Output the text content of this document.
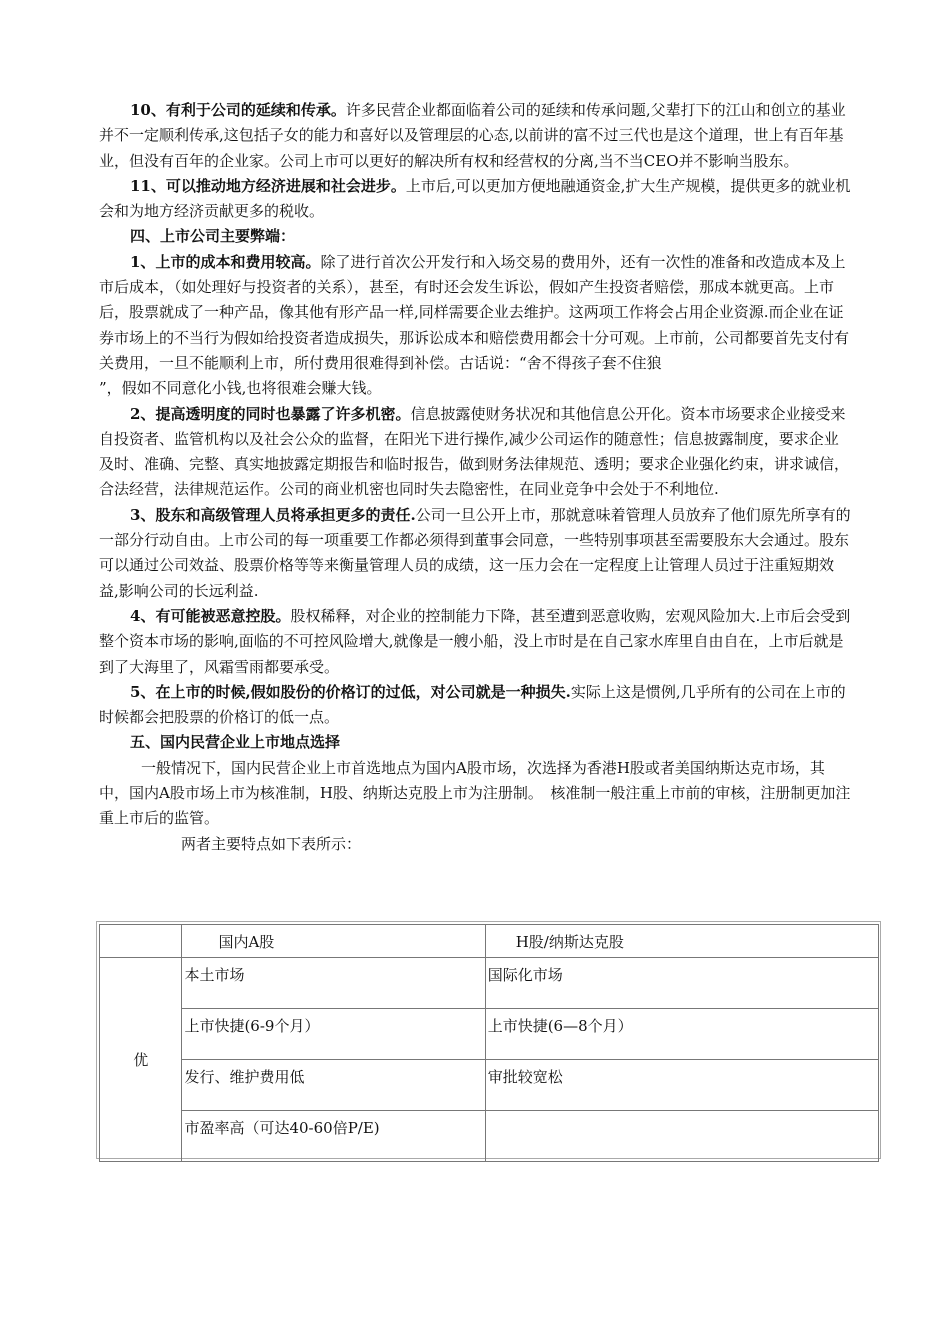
10、有利于公司的延续和传承。许多民营企业都面临着公司的延续和传承问题,父辈打下的江山和创立的基业并不一定顺利传承,这包括子女的能力和喜好以及管理层的心态,以前讲的富不过三代也是这个道理，世上有百年基业，但没有百年的企业家。公司上市可以更好的解决所有权和经营权的分离,当不当CEO并不影响当股东。

11、可以推动地方经济进展和社会进步。上市后,可以更加方便地融通资金,扩大生产规模，提供更多的就业机会和为地方经济贡献更多的税收。

四、上市公司主要弊端：

1、上市的成本和费用较高。除了进行首次公开发行和入场交易的费用外，还有一次性的准备和改造成本及上市后成本，（如处理好与投资者的关系），甚至，有时还会发生诉讼，假如产生投资者赔偿，那成本就更高。上市后，股票就成了一种产品，像其他有形产品一样,同样需要企业去维护。这两项工作将会占用企业资源.而企业在证券市场上的不当行为假如给投资者造成损失，那诉讼成本和赔偿费用都会十分可观。上市前，公司都要首先支付有关费用，一旦不能顺利上市，所付费用很难得到补偿。古话说：“舍不得孩子套不住狼

”，假如不同意化小钱,也将很难会赚大钱。

2、提高透明度的同时也暴露了许多机密。信息披露使财务状况和其他信息公开化。资本市场要求企业接受来自投资者、监管机构以及社会公众的监督，在阳光下进行操作,减少公司运作的随意性；信息披露制度，要求企业及时、准确、完整、真实地披露定期报告和临时报告，做到财务法律规范、透明；要求企业强化约束，讲求诚信，合法经营，法律规范运作。公司的商业机密也同时失去隐密性，在同业竞争中会处于不利地位.

3、股东和高级管理人员将承担更多的责任.公司一旦公开上市，那就意味着管理人员放弃了他们原先所享有的一部分行动自由。上市公司的每一项重要工作都必须得到董事会同意，一些特别事项甚至需要股东大会通过。股东可以通过公司效益、股票价格等等来衡量管理人员的成绩，这一压力会在一定程度上让管理人员过于注重短期效益,影响公司的长远利益.

4、有可能被恶意控股。股权稀释，对企业的控制能力下降，甚至遭到恶意收购，宏观风险加大.上市后会受到整个资本市场的影响,面临的不可控风险增大,就像是一艘小船，没上市时是在自己家水库里自由自在，上市后就是到了大海里了，风霜雪雨都要承受。

5、在上市的时候,假如股份的价格订的过低，对公司就是一种损失.实际上这是惯例,几乎所有的公司在上市的时候都会把股票的价格订的低一点。

五、国内民营企业上市地点选择

一般情况下，国内民营企业上市首选地点为国内A股市场，次选择为香港H股或者美国纳斯达克市场，其中，国内A股市场上市为核准制，H股、纳斯达克股上市为注册制。　核准制一般注重上市前的审核，注册制更加注重上市后的监管。

两者主要特点如下表所示：

	国内A股	H股/纳斯达克股
优	本土市场	国际化市场
	上市快捷(6-9个月）	上市快捷(6—8个月）
	发行、维护费用低	审批较宽松
	市盈率高（可达40-60倍P/E)	
